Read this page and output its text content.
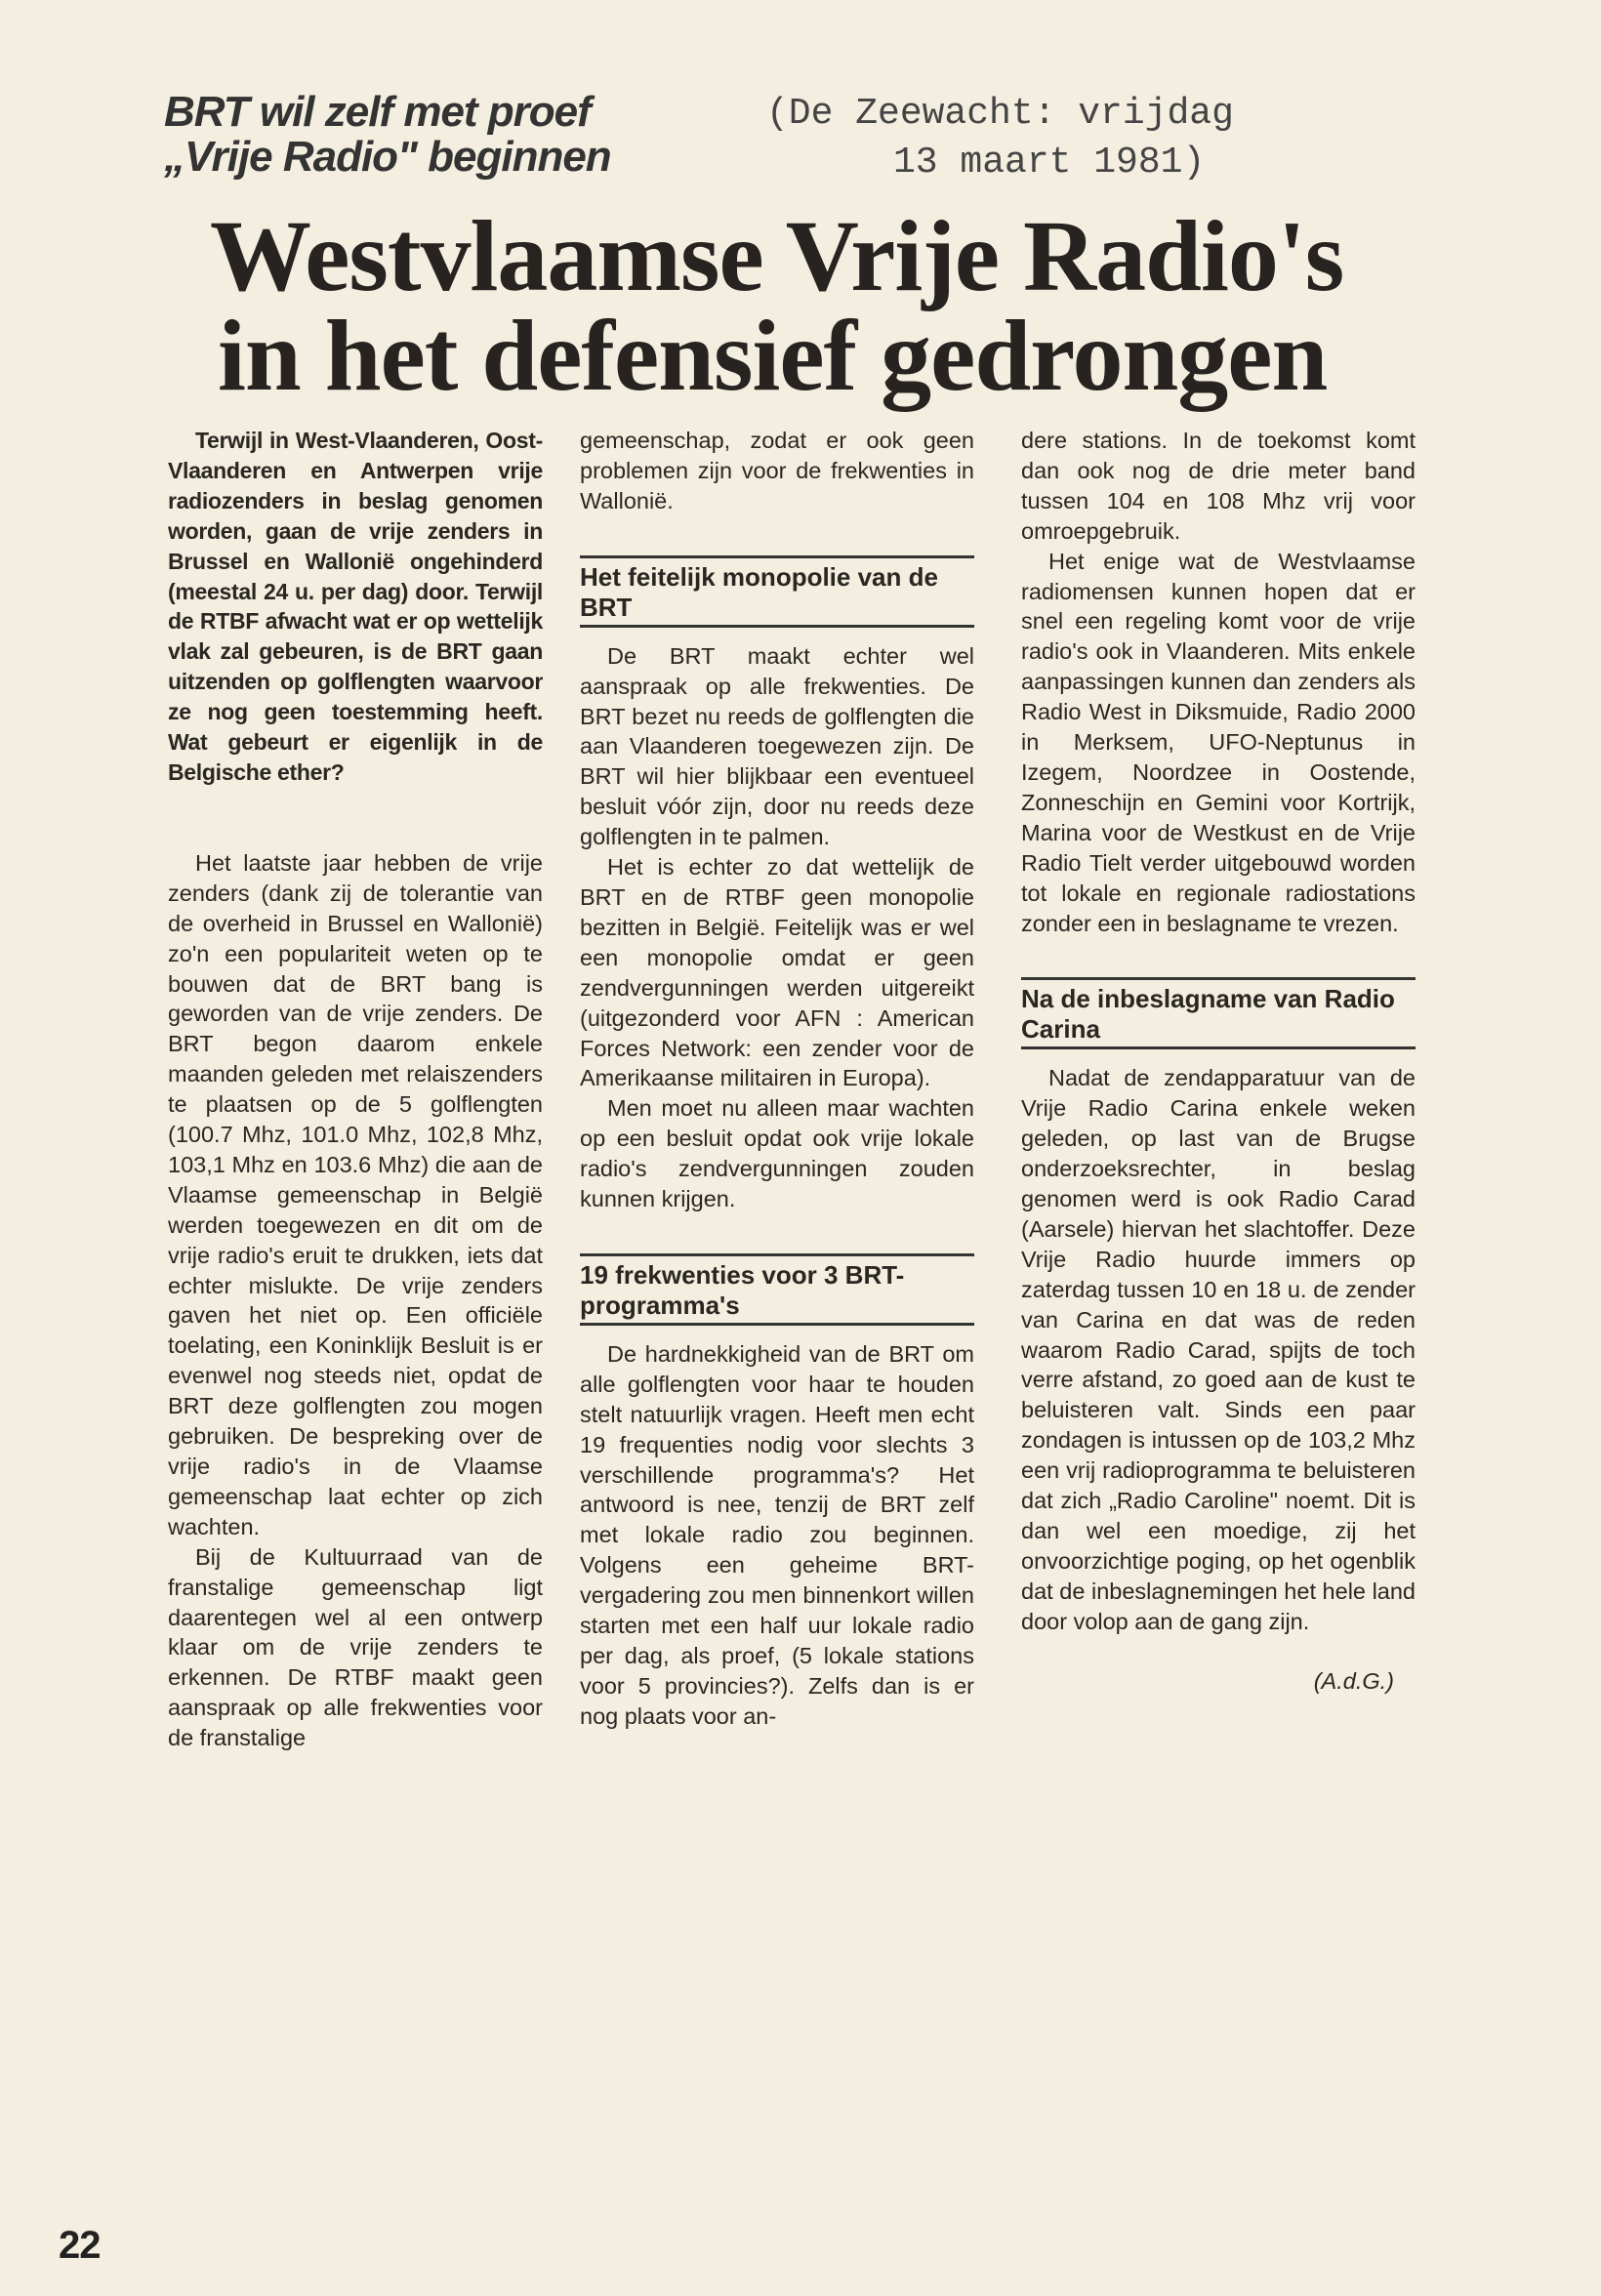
BRT wil zelf met proef
„Vrije Radio" beginnen
(De Zeewacht: vrijdag
13 maart 1981)
Westvlaamse Vrije Radio's
in het defensief gedrongen

Terwijl in West-Vlaanderen, Oost-Vlaanderen en Antwerpen vrije radiozenders in beslag genomen worden, gaan de vrije zenders in Brussel en Wallonië ongehinderd (meestal 24 u. per dag) door. Terwijl de RTBF afwacht wat er op wettelijk vlak zal gebeuren, is de BRT gaan uitzenden op golflengten waarvoor ze nog geen toestemming heeft. Wat gebeurt er eigenlijk in de Belgische ether?

Het laatste jaar hebben de vrije zenders (dank zij de tolerantie van de overheid in Brussel en Wallonië) zo'n een populariteit weten op te bouwen dat de BRT bang is geworden van de vrije zenders. De BRT begon daarom enkele maanden geleden met relaiszenders te plaatsen op de 5 golflengten (100.7 Mhz, 101.0 Mhz, 102,8 Mhz, 103,1 Mhz en 103.6 Mhz) die aan de Vlaamse gemeenschap in België werden toegewezen en dit om de vrije radio's eruit te drukken, iets dat echter mislukte. De vrije zenders gaven het niet op. Een officiële toelating, een Koninklijk Besluit is er evenwel nog steeds niet, opdat de BRT deze golflengten zou mogen gebruiken. De bespreking over de vrije radio's in de Vlaamse gemeenschap laat echter op zich wachten.

Bij de Kultuurraad van de franstalige gemeenschap ligt daarentegen wel al een ontwerp klaar om de vrije zenders te erkennen. De RTBF maakt geen aanspraak op alle frekwenties voor de franstalige

gemeenschap, zodat er ook geen problemen zijn voor de frekwenties in Wallonië.

Het feitelijk monopolie van de BRT

De BRT maakt echter wel aanspraak op alle frekwenties. De BRT bezet nu reeds de golflengten die aan Vlaanderen toegewezen zijn. De BRT wil hier blijkbaar een eventueel besluit vóór zijn, door nu reeds deze golflengten in te palmen.

Het is echter zo dat wettelijk de BRT en de RTBF geen monopolie bezitten in België. Feitelijk was er wel een monopolie omdat er geen zendvergunningen werden uitgereikt (uitgezonderd voor AFN : American Forces Network: een zender voor de Amerikaanse militairen in Europa).

Men moet nu alleen maar wachten op een besluit opdat ook vrije lokale radio's zendvergunningen zouden kunnen krijgen.

19 frekwenties voor 3 BRT-programma's

De hardnekkigheid van de BRT om alle golflengten voor haar te houden stelt natuurlijk vragen. Heeft men echt 19 frequenties nodig voor slechts 3 verschillende programma's? Het antwoord is nee, tenzij de BRT zelf met lokale radio zou beginnen. Volgens een geheime BRT-vergadering zou men binnenkort willen starten met een half uur lokale radio per dag, als proef, (5 lokale stations voor 5 provincies?). Zelfs dan is er nog plaats voor an-

dere stations. In de toekomst komt dan ook nog de drie meter band tussen 104 en 108 Mhz vrij voor omroepgebruik.

Het enige wat de Westvlaamse radiomensen kunnen hopen dat er snel een regeling komt voor de vrije radio's ook in Vlaanderen. Mits enkele aanpassingen kunnen dan zenders als Radio West in Diksmuide, Radio 2000 in Merksem, UFO-Neptunus in Izegem, Noordzee in Oostende, Zonneschijn en Gemini voor Kortrijk, Marina voor de Westkust en de Vrije Radio Tielt verder uitgebouwd worden tot lokale en regionale radiostations zonder een in beslagname te vrezen.

Na de inbeslagname van Radio Carina

Nadat de zendapparatuur van de Vrije Radio Carina enkele weken geleden, op last van de Brugse onderzoeksrechter, in beslag genomen werd is ook Radio Carad (Aarsele) hiervan het slachtoffer. Deze Vrije Radio huurde immers op zaterdag tussen 10 en 18 u. de zender van Carina en dat was de reden waarom Radio Carad, spijts de toch verre afstand, zo goed aan de kust te beluisteren valt. Sinds een paar zondagen is intussen op de 103,2 Mhz een vrij radioprogramma te beluisteren dat zich „Radio Caroline" noemt. Dit is dan wel een moedige, zij het onvoorzichtige poging, op het ogenblik dat de inbeslagnemingen het hele land door volop aan de gang zijn.

(A.d.G.)
22
